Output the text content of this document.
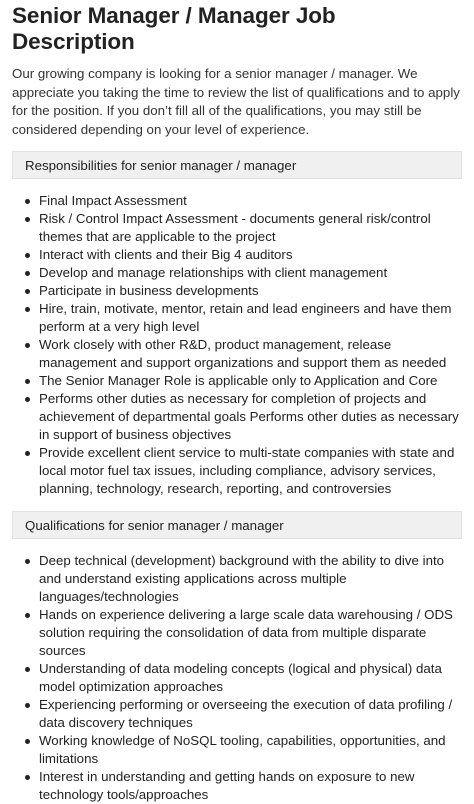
Senior Manager / Manager Job Description

Our growing company is looking for a senior manager / manager. We appreciate you taking the time to review the list of qualifications and to apply for the position. If you don’t fill all of the qualifications, you may still be considered depending on your level of experience.

Responsibilities for senior manager / manager
Final Impact Assessment
Risk / Control Impact Assessment - documents general risk/control themes that are applicable to the project
Interact with clients and their Big 4 auditors
Develop and manage relationships with client management
Participate in business developments
Hire, train, motivate, mentor, retain and lead engineers and have them perform at a very high level
Work closely with other R&D, product management, release management and support organizations and support them as needed
The Senior Manager Role is applicable only to Application and Core
Performs other duties as necessary for completion of projects and achievement of departmental goals Performs other duties as necessary in support of business objectives
Provide excellent client service to multi-state companies with state and local motor fuel tax issues, including compliance, advisory services, planning, technology, research, reporting, and controversies
Qualifications for senior manager / manager
Deep technical (development) background with the ability to dive into and understand existing applications across multiple languages/technologies
Hands on experience delivering a large scale data warehousing / ODS solution requiring the consolidation of data from multiple disparate sources
Understanding of data modeling concepts (logical and physical) data model optimization approaches
Experiencing performing or overseeing the execution of data profiling / data discovery techniques
Working knowledge of NoSQL tooling, capabilities, opportunities, and limitations
Interest in understanding and getting hands on exposure to new technology tools/approaches
